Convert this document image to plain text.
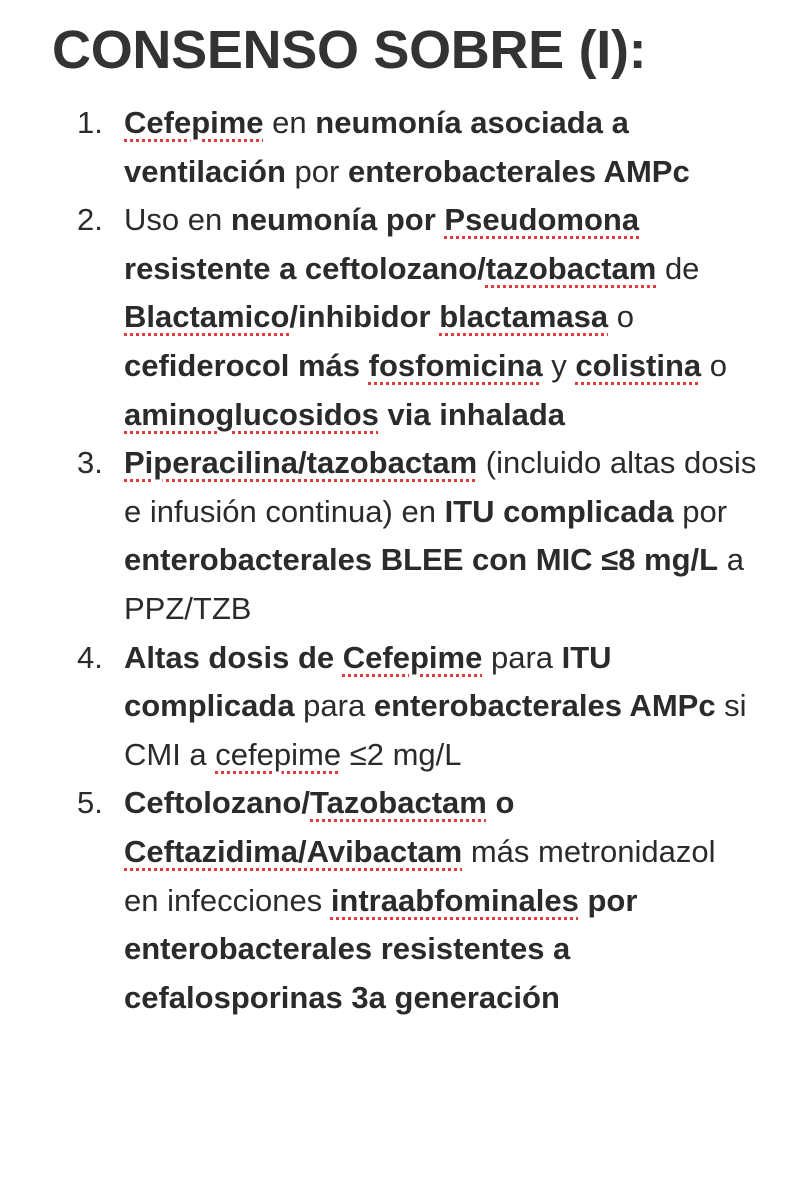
CONSENSO SOBRE (I):
1. Cefepime en neumonía asociada a ventilación por enterobacterales AMPc
2. Uso en neumonía por Pseudomona resistente a ceftolozano/tazobactam de Blactamico/inhibidor blactamasa o cefiderocol más fosfomicina y colistina o aminoglucosidos via inhalada
3. Piperacilina/tazobactam (incluido altas dosis e infusión continua) en ITU complicada por enterobacterales BLEE con MIC ≤8 mg/L a PPZ/TZB
4. Altas dosis de Cefepime para ITU complicada para enterobacterales AMPc si CMI a cefepime ≤2 mg/L
5. Ceftolozano/Tazobactam o Ceftazidima/Avibactam más metronidazol en infecciones intraabfominales por enterobacterales resistentes a cefalosporinas 3a generación
